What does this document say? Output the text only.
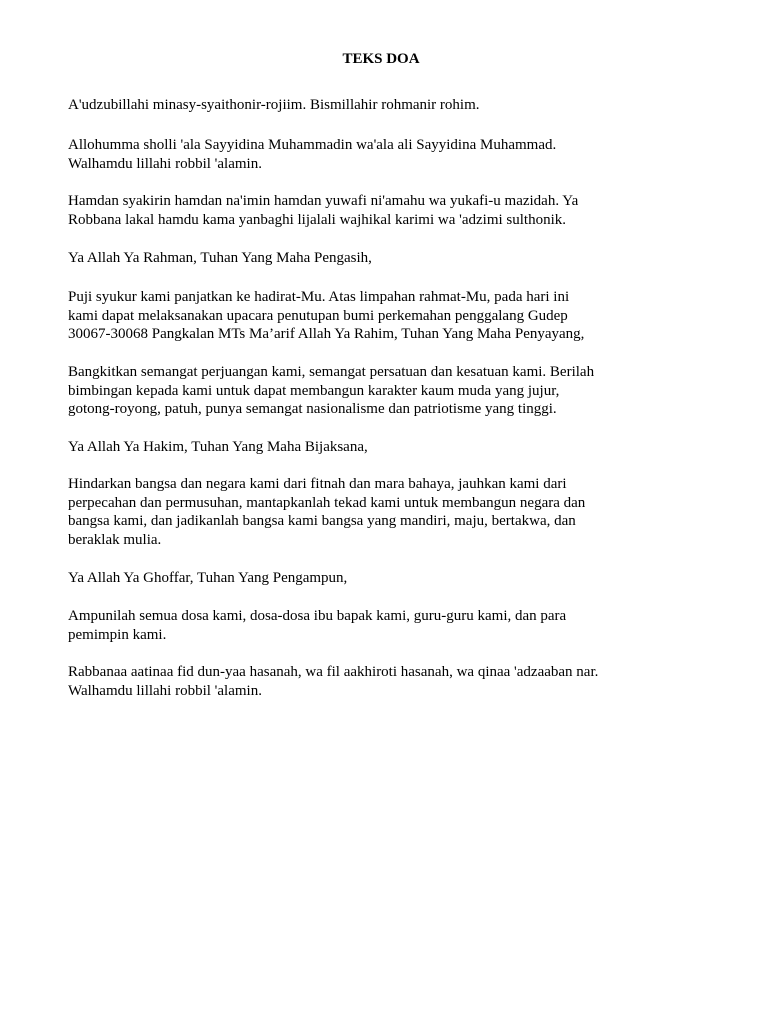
TEKS DOA

A'udzubillahi minasy-syaithonir-rojiim. Bismillahir rohmanir rohim.

Allohumma sholli 'ala Sayyidina Muhammadin wa'ala ali Sayyidina Muhammad.
Walhamdu lillahi robbil 'alamin.

Hamdan syakirin hamdan na'imin hamdan yuwafi ni'amahu wa yukafi-u mazidah. Ya
Robbana lakal hamdu kama yanbaghi lijalali wajhikal karimi wa 'adzimi sulthonik.

Ya Allah Ya Rahman, Tuhan Yang Maha Pengasih,

Puji syukur kami panjatkan ke hadirat-Mu. Atas limpahan rahmat-Mu, pada hari ini
kami dapat melaksanakan upacara penutupan bumi perkemahan penggalang Gudep
30067-30068 Pangkalan MTs Ma’arif Allah Ya Rahim, Tuhan Yang Maha Penyayang,

Bangkitkan semangat perjuangan kami, semangat persatuan dan kesatuan kami. Berilah
bimbingan kepada kami untuk dapat membangun karakter kaum muda yang jujur,
gotong-royong, patuh, punya semangat nasionalisme dan patriotisme yang tinggi.

Ya Allah Ya Hakim, Tuhan Yang Maha Bijaksana,

Hindarkan bangsa dan negara kami dari fitnah dan mara bahaya, jauhkan kami dari
perpecahan dan permusuhan, mantapkanlah tekad kami untuk membangun negara dan
bangsa kami, dan jadikanlah bangsa kami bangsa yang mandiri, maju, bertakwa, dan
beraklak mulia.

Ya Allah Ya Ghoffar, Tuhan Yang Pengampun,

Ampunilah semua dosa kami, dosa-dosa ibu bapak kami, guru-guru kami, dan para
pemimpin kami.

Rabbanaa aatinaa fid dun-yaa hasanah, wa fil aakhiroti hasanah, wa qinaa 'adzaaban nar.
Walhamdu lillahi robbil 'alamin.
